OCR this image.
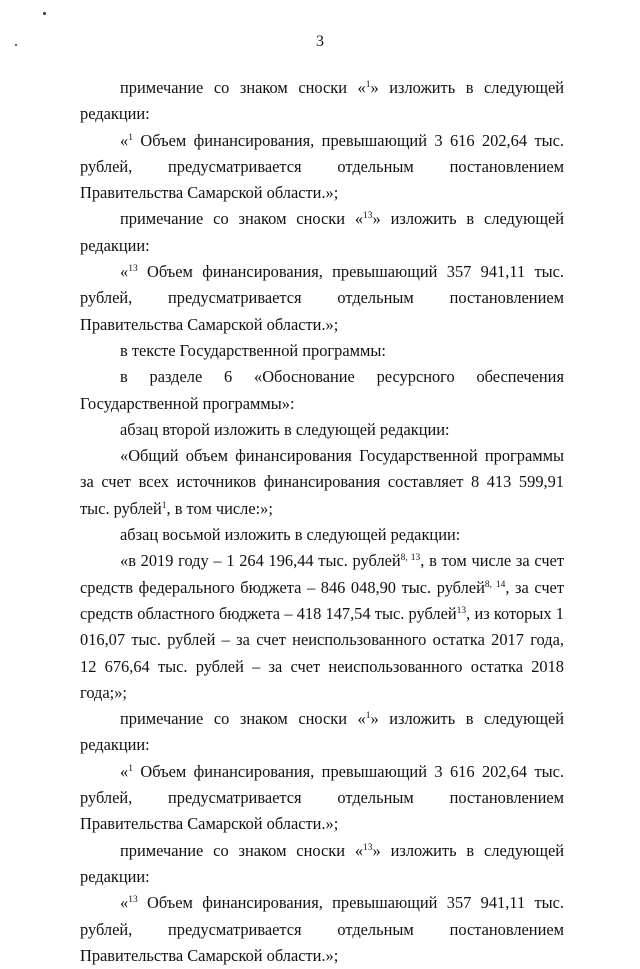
3

примечание со знаком сноски «$^1$» изложить в следующей редакции:

«$^1$ Объем финансирования, превышающий 3 616 202,64 тыс. рублей, предусматривается отдельным постановлением Правительства Самарской области.»;

примечание со знаком сноски «$^{13}$» изложить в следующей редакции:

«$^{13}$ Объем финансирования, превышающий 357 941,11 тыс. рублей, предусматривается отдельным постановлением Правительства Самарской области.»;

в тексте Государственной программы:

в разделе 6 «Обоснование ресурсного обеспечения Государственной программы»:

абзац второй изложить в следующей редакции:

«Общий объем финансирования Государственной программы за счет всех источников финансирования составляет 8 413 599,91 тыс. рублей$^1$, в том числе:»;

абзац восьмой изложить в следующей редакции:

«в 2019 году – 1 264 196,44 тыс. рублей$^{8, 13}$, в том числе за счет средств федерального бюджета – 846 048,90 тыс. рублей$^{8, 14}$, за счет средств областного бюджета – 418 147,54 тыс. рублей$^{13}$, из которых 1 016,07 тыс. рублей – за счет неиспользованного остатка 2017 года, 12 676,64 тыс. рублей – за счет неиспользованного остатка 2018 года;»;

примечание со знаком сноски «$^1$» изложить в следующей редакции:

«$^1$ Объем финансирования, превышающий 3 616 202,64 тыс. рублей, предусматривается отдельным постановлением Правительства Самарской области.»;

примечание со знаком сноски «$^{13}$» изложить в следующей редакции:

«$^{13}$ Объем финансирования, превышающий 357 941,11 тыс. рублей, предусматривается отдельным постановлением Правительства Самарской области.»;
